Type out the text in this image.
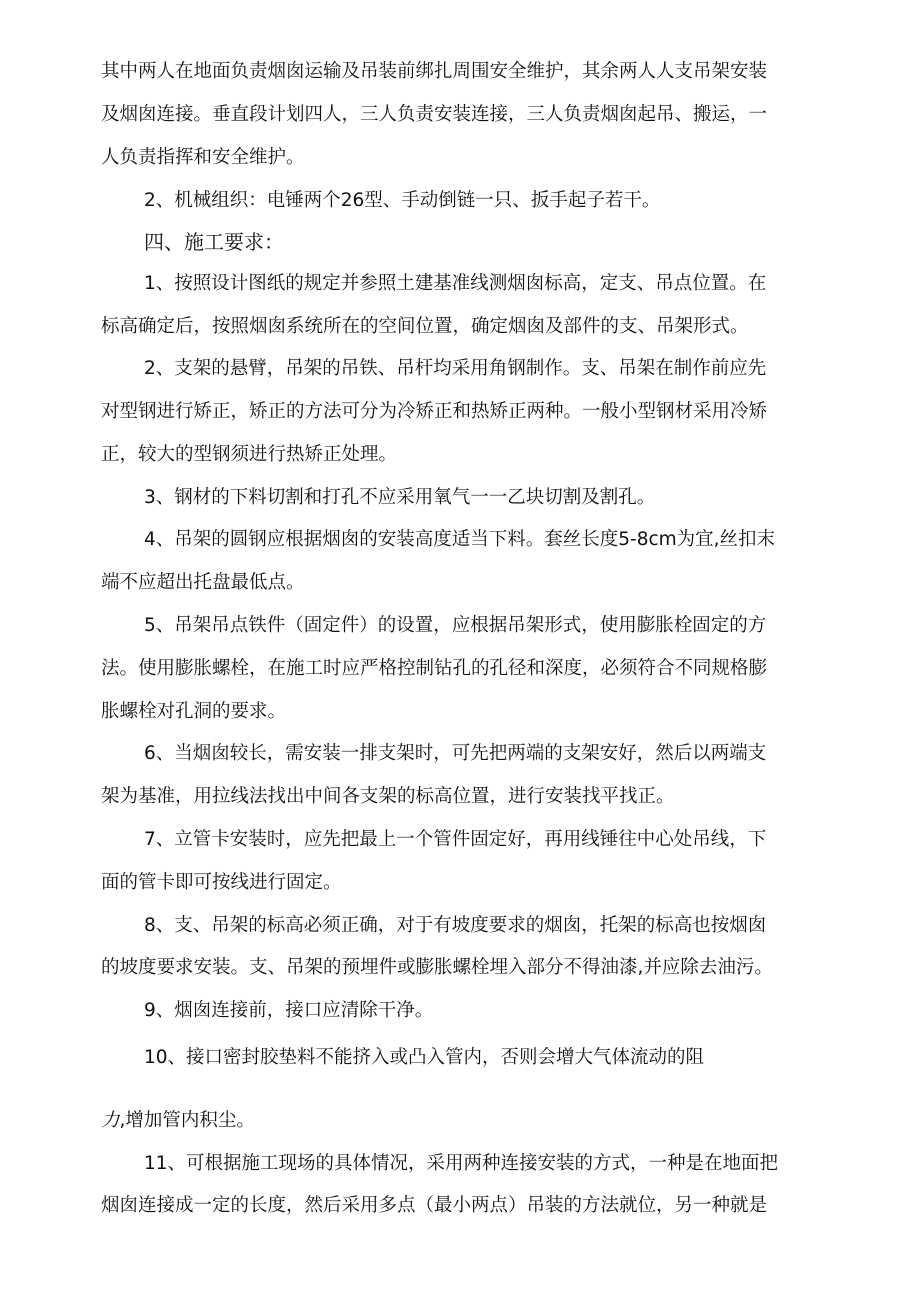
其中两人在地面负责烟囱运输及吊装前绑扎周围安全维护，其余两人人支吊架安装
及烟囱连接。垂直段计划四人，三人负责安装连接，三人负责烟囱起吊、搬运，一
人负责指挥和安全维护。
2、机械组织：电锤两个26型、手动倒链一只、扳手起子若干。
四、施工要求：
1、按照设计图纸的规定并参照土建基准线测烟囱标高，定支、吊点位置。在
标高确定后，按照烟囱系统所在的空间位置，确定烟囱及部件的支、吊架形式。
2、支架的悬臂，吊架的吊铁、吊杆均采用角钢制作。支、吊架在制作前应先
对型钢进行矫正，矫正的方法可分为冷矫正和热矫正两种。一般小型钢材采用冷矫
正，较大的型钢须进行热矫正处理。
3、钢材的下料切割和打孔不应采用氧气一一乙块切割及割孔。
4、吊架的圆钢应根据烟囱的安装高度适当下料。套丝长度5-8cm为宜,丝扣末
端不应超出托盘最低点。
5、吊架吊点铁件（固定件）的设置，应根据吊架形式，使用膨胀栓固定的方
法。使用膨胀螺栓，在施工时应严格控制钻孔的孔径和深度，必须符合不同规格膨
胀螺栓对孔洞的要求。
6、当烟囱较长，需安装一排支架时，可先把两端的支架安好，然后以两端支
架为基准，用拉线法找出中间各支架的标高位置，进行安装找平找正。
7、立管卡安装时，应先把最上一个管件固定好，再用线锤往中心处吊线，下
面的管卡即可按线进行固定。
8、支、吊架的标高必须正确，对于有坡度要求的烟囱，托架的标高也按烟囱
的坡度要求安装。支、吊架的预埋件或膨胀螺栓埋入部分不得油漆,并应除去油污。
9、烟囱连接前，接口应清除干净。
10、接口密封胶垫料不能挤入或凸入管内，否则会增大气体流动的阻
力,增加管内积尘。
11、可根据施工现场的具体情况，采用两种连接安装的方式，一种是在地面把
烟囱连接成一定的长度，然后采用多点（最小两点）吊装的方法就位，另一种就是
